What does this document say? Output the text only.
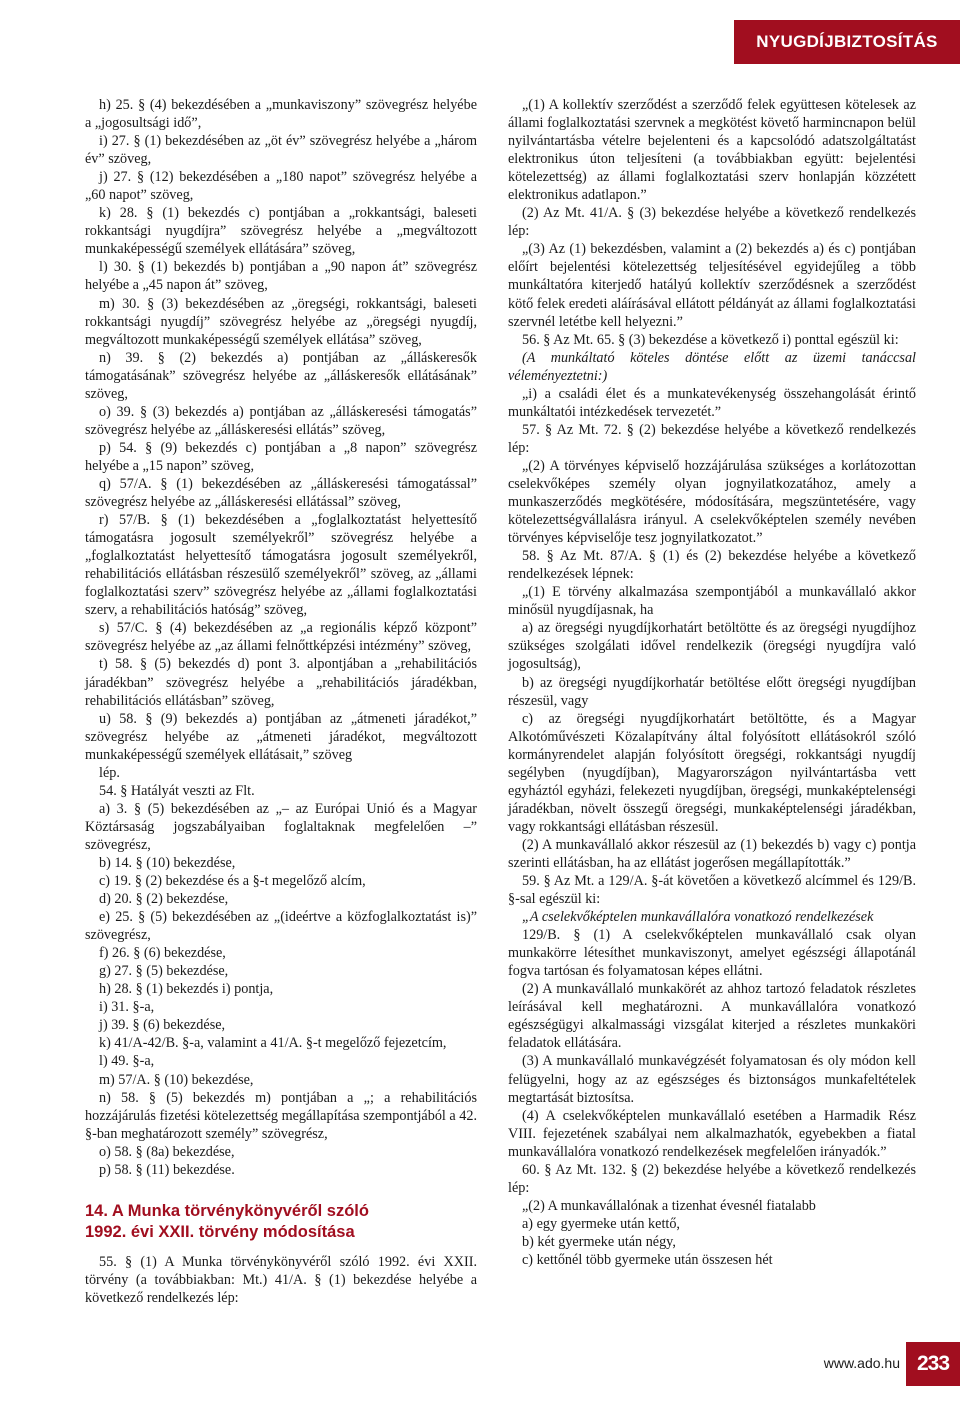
NYUGDÍJBIZTOSÍTÁS

h) 25. § (4) bekezdésében a „munkaviszony” szövegrész helyébe a „jogosultsági idő”,

i) 27. § (1) bekezdésében az „öt év” szövegrész helyébe a „három év” szöveg,

j) 27. § (12) bekezdésében a „180 napot” szövegrész helyébe a „60 napot” szöveg,

k) 28. § (1) bekezdés c) pontjában a „rokkantsági, baleseti rokkantsági nyugdíjra” szövegrész helyébe a „megváltozott munkaképességű személyek ellátására” szöveg,

l) 30. § (1) bekezdés b) pontjában a „90 napon át” szövegrész helyébe a „45 napon át” szöveg,

m) 30. § (3) bekezdésében az „öregségi, rokkantsági, baleseti rokkantsági nyugdíj” szövegrész helyébe az „öregségi nyugdíj, megváltozott munkaképességű személyek ellátása” szöveg,

n) 39. § (2) bekezdés a) pontjában az „álláskeresők támogatásának” szövegrész helyébe az „álláskeresők ellátásának” szöveg,

o) 39. § (3) bekezdés a) pontjában az „álláskeresési támogatás” szövegrész helyébe az „álláskeresési ellátás” szöveg,

p) 54. § (9) bekezdés c) pontjában a „8 napon” szövegrész helyébe a „15 napon” szöveg,

q) 57/A. § (1) bekezdésében az „álláskeresési támogatással” szövegrész helyébe az „álláskeresési ellátással” szöveg,

r) 57/B. § (1) bekezdésében a „foglalkoztatást helyettesítő támogatásra jogosult személyekről” szövegrész helyébe a „foglalkoztatást helyettesítő támogatásra jogosult személyekről, rehabilitációs ellátásban részesülő személyekről” szöveg, az „állami foglalkoztatási szerv” szövegrész helyébe az „állami foglalkoztatási szerv, a rehabilitációs hatóság” szöveg,

s) 57/C. § (4) bekezdésében az „a regionális képző központ” szövegrész helyébe az „az állami felnőttképzési intézmény” szöveg,

t) 58. § (5) bekezdés d) pont 3. alpontjában a „rehabilitációs járadékban” szövegrész helyébe a „rehabilitációs járadékban, rehabilitációs ellátásban” szöveg,

u) 58. § (9) bekezdés a) pontjában az „átmeneti járadékot,” szövegrész helyébe az „átmeneti járadékot, megváltozott munkaképességű személyek ellátásait,” szöveg

lép.

54. § Hatályát veszti az Flt.

a) 3. § (5) bekezdésében az „– az Európai Unió és a Magyar Köztársaság jogszabályaiban foglaltaknak megfelelően –” szövegrész,

b) 14. § (10) bekezdése,

c) 19. § (2) bekezdése és a §-t megelőző alcím,

d) 20. § (2) bekezdése,

e) 25. § (5) bekezdésében az „(ideértve a közfoglalkoztatást is)” szövegrész,

f) 26. § (6) bekezdése,

g) 27. § (5) bekezdése,

h) 28. § (1) bekezdés i) pontja,

i) 31. §-a,

j) 39. § (6) bekezdése,

k) 41/A-42/B. §-a, valamint a 41/A. §-t megelőző fejezetcím,

l) 49. §-a,

m) 57/A. § (10) bekezdése,

n) 58. § (5) bekezdés m) pontjában a „; a rehabilitációs hozzájárulás fizetési kötelezettség megállapítása szempontjából a 42. §-ban meghatározott személy” szövegrész,

o) 58. § (8a) bekezdése,

p) 58. § (11) bekezdése.

14. A Munka törvénykönyvéről szóló
1992. évi XXII. törvény módosítása

55. § (1) A Munka törvénykönyvéről szóló 1992. évi XXII. törvény (a továbbiakban: Mt.) 41/A. § (1) bekezdése helyébe a következő rendelkezés lép:

„(1) A kollektív szerződést a szerződő felek együttesen kötelesek az állami foglalkoztatási szervnek a megkötést követő harmincnapon belül nyilvántartásba vételre bejelenteni és a kapcsolódó adatszolgáltatást elektronikus úton teljesíteni (a továbbiakban együtt: bejelentési kötelezettség) az állami foglalkoztatási szerv honlapján közzétett elektronikus adatlapon.”

(2) Az Mt. 41/A. § (3) bekezdése helyébe a következő rendelkezés lép:

„(3) Az (1) bekezdésben, valamint a (2) bekezdés a) és c) pontjában előírt bejelentési kötelezettség teljesítésével egyidejűleg a több munkáltatóra kiterjedő hatályú kollektív szerződésnek a szerződést kötő felek eredeti aláírásával ellátott példányát az állami foglalkoztatási szervnél letétbe kell helyezni.”

56. § Az Mt. 65. § (3) bekezdése a következő i) ponttal egészül ki:

(A munkáltató köteles döntése előtt az üzemi tanáccsal véleményeztetni:)

„i) a családi élet és a munkatevékenység összehangolását érintő munkáltatói intézkedések tervezetét.”

57. § Az Mt. 72. § (2) bekezdése helyébe a következő rendelkezés lép:

„(2) A törvényes képviselő hozzájárulása szükséges a korlátozottan cselekvőképes személy olyan jognyilatkozatához, amely a munkaszerződés megkötésére, módosítására, megszüntetésére, vagy kötelezettségvállalásra irányul. A cselekvőképtelen személy nevében törvényes képviselője tesz jognyilatkozatot.”

58. § Az Mt. 87/A. § (1) és (2) bekezdése helyébe a következő rendelkezések lépnek:

„(1) E törvény alkalmazása szempontjából a munkavállaló akkor minősül nyugdíjasnak, ha

a) az öregségi nyugdíjkorhatárt betöltötte és az öregségi nyugdíjhoz szükséges szolgálati idővel rendelkezik (öregségi nyugdíjra való jogosultság),

b) az öregségi nyugdíjkorhatár betöltése előtt öregségi nyugdíjban részesül, vagy

c) az öregségi nyugdíjkorhatárt betöltötte, és a Magyar Alkotóművészeti Közalapítvány által folyósított ellátásokról szóló kormányrendelet alapján folyósított öregségi, rokkantsági nyugdíj segélyben (nyugdíjban), Magyarországon nyilvántartásba vett egyháztól egyházi, felekezeti nyugdíjban, öregségi, munkaképtelenségi járadékban, növelt összegű öregségi, munkaképtelenségi járadékban, vagy rokkantsági ellátásban részesül.

(2) A munkavállaló akkor részesül az (1) bekezdés b) vagy c) pontja szerinti ellátásban, ha az ellátást jogerősen megállapították.”

59. § Az Mt. a 129/A. §-át követően a következő alcímmel és 129/B. §-sal egészül ki:

„A cselekvőképtelen munkavállalóra vonatkozó rendelkezések

129/B. § (1) A cselekvőképtelen munkavállaló csak olyan munkakörre létesíthet munkaviszonyt, amelyet egészségi állapotánál fogva tartósan és folyamatosan képes ellátni.

(2) A munkavállaló munkakörét az ahhoz tartozó feladatok részletes leírásával kell meghatározni. A munkavállalóra vonatkozó egészségügyi alkalmassági vizsgálat kiterjed a részletes munkaköri feladatok ellátására.

(3) A munkavállaló munkavégzését folyamatosan és oly módon kell felügyelni, hogy az az egészséges és biztonságos munkafeltételek megtartását biztosítsa.

(4) A cselekvőképtelen munkavállaló esetében a Harmadik Rész VIII. fejezetének szabályai nem alkalmazhatók, egyebekben a fiatal munkavállalóra vonatkozó rendelkezések megfelelően irányadók.”

60. § Az Mt. 132. § (2) bekezdése helyébe a következő rendelkezés lép:

„(2) A munkavállalónak a tizenhat évesnél fiatalabb

a) egy gyermeke után kettő,

b) két gyermeke után négy,

c) kettőnél több gyermeke után összesen hét

www.ado.hu 233
